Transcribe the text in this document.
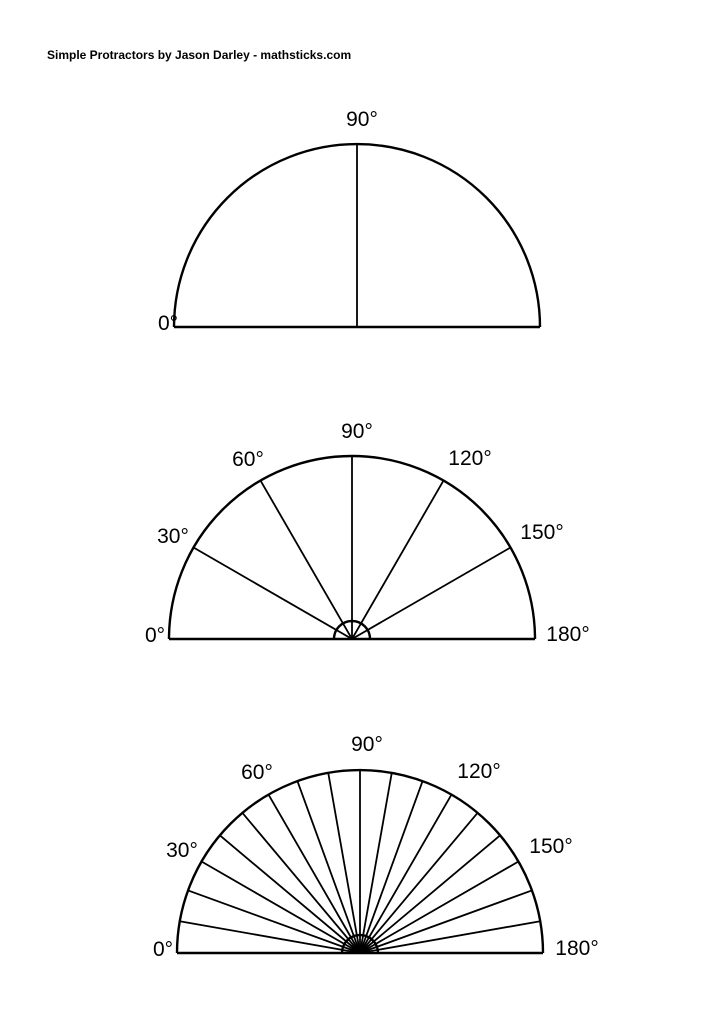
Simple Protractors by Jason Darley - mathsticks.com
0°
90°
0°
30°
60°
90°
120°
150°
180°
0°
30°
60°
90°
120°
150°
180°
